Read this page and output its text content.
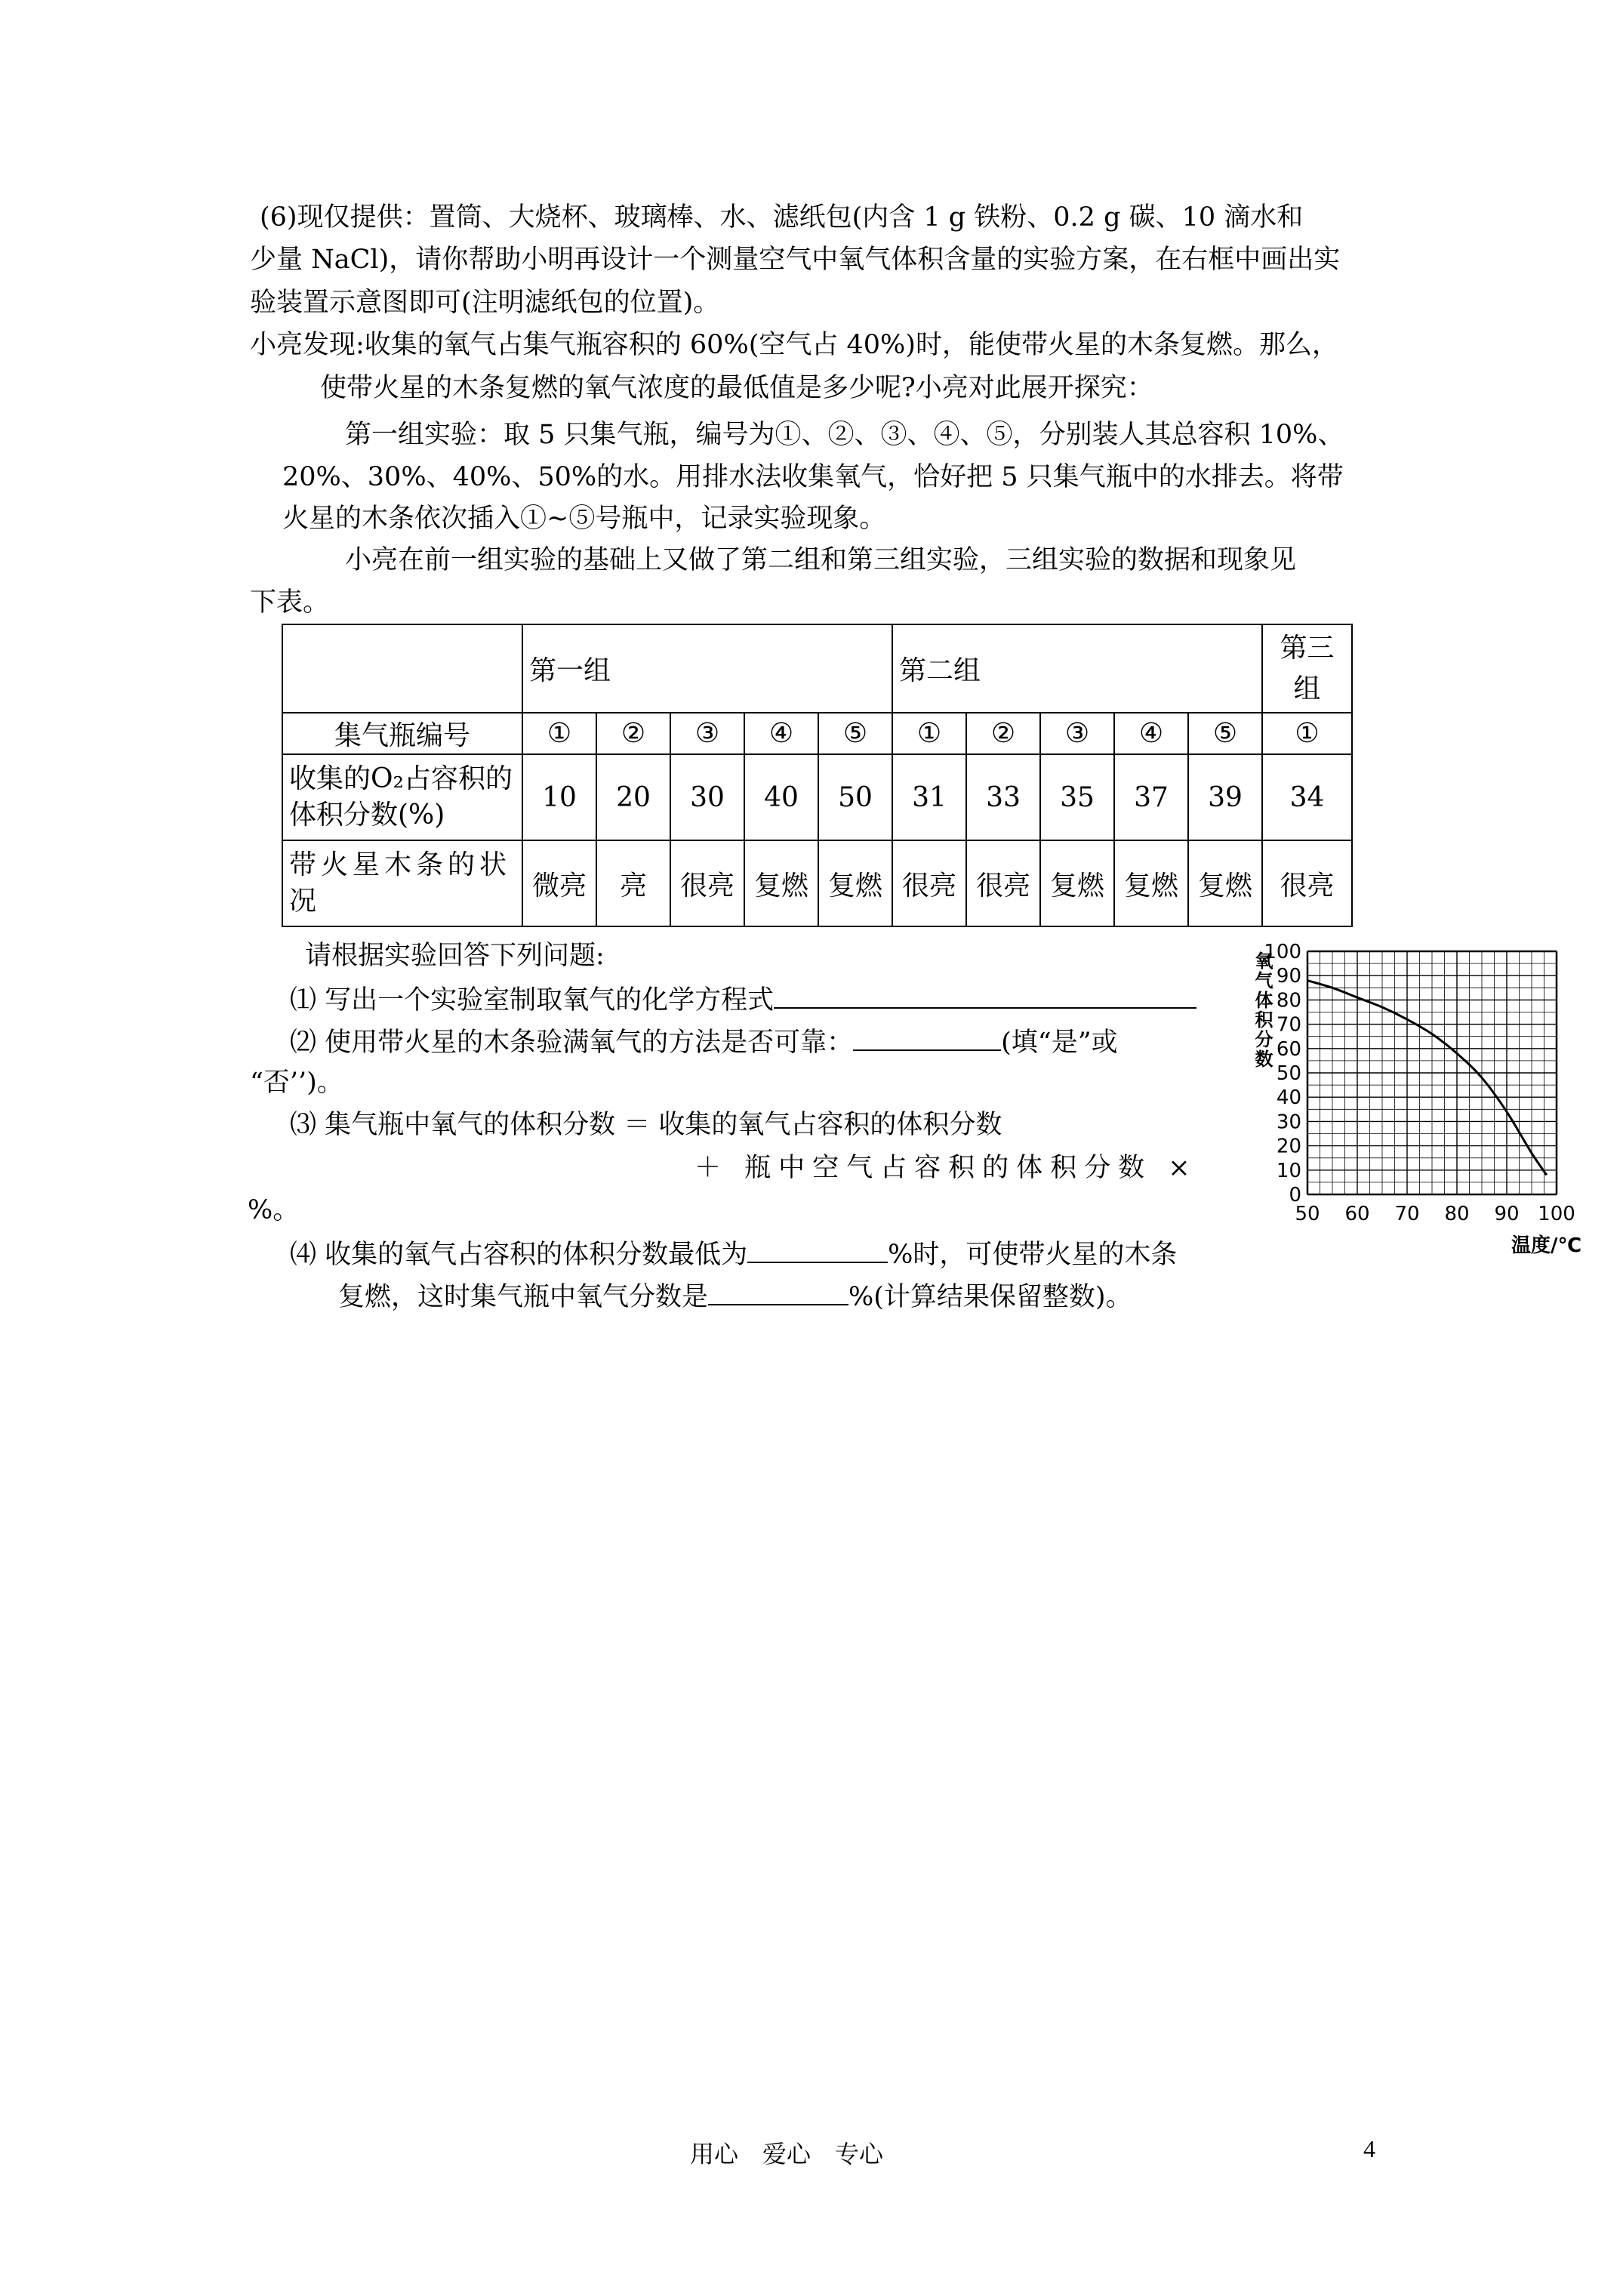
(6)现仅提供：置筒、大烧杯、玻璃棒、水、滤纸包(内含 1 g 铁粉、0.2 g 碳、10 滴水和
少量 NaCl)，请你帮助小明再设计一个测量空气中氧气体积含量的实验方案，在右框中画出实
验装置示意图即可(注明滤纸包的位置)。
小亮发现:收集的氧气占集气瓶容积的 60%(空气占 40%)时，能使带火星的木条复燃。那么，
使带火星的木条复燃的氧气浓度的最低值是多少呢?小亮对此展开探究：
第一组实验：取 5 只集气瓶，编号为①、②、③、④、⑤，分别装人其总容积 10%、
20%、30%、40%、50%的水。用排水法收集氧气，恰好把 5 只集气瓶中的水排去。将带
火星的木条依次插入①~⑤号瓶中，记录实验现象。
小亮在前一组实验的基础上又做了第二组和第三组实验，三组实验的数据和现象见
下表。
	第一组					第二组					第三组
集气瓶编号	①	②	③	④	⑤	①	②	③	④	⑤	①
收集的O₂占容积的体积分数(%)	10	20	30	40	50	31	33	35	37	39	34
带火星木条的状况	微亮	亮	很亮	复燃	复燃	很亮	很亮	复燃	复燃	复燃	很亮
请根据实验回答下列问题:
⑴ 写出一个实验室制取氧气的化学方程式
⑵ 使用带火星的木条验满氧气的方法是否可靠：	(填“是”或
“否’’)。
⑶ 集气瓶中氧气的体积分数 ＝ 收集的氧气占容积的体积分数
＋ 瓶中空气占容积的体积分数 ×
%。
⑷ 收集的氧气占容积的体积分数最低为	%时，可使带火星的木条
复燃，这时集气瓶中氧气分数是	%(计算结果保留整数)。
0
10
20
30
40
50
60
70
80
90
100
50 60 70 80 90 100
氧气体积分数
温度/℃
用心　爱心　专心	4
